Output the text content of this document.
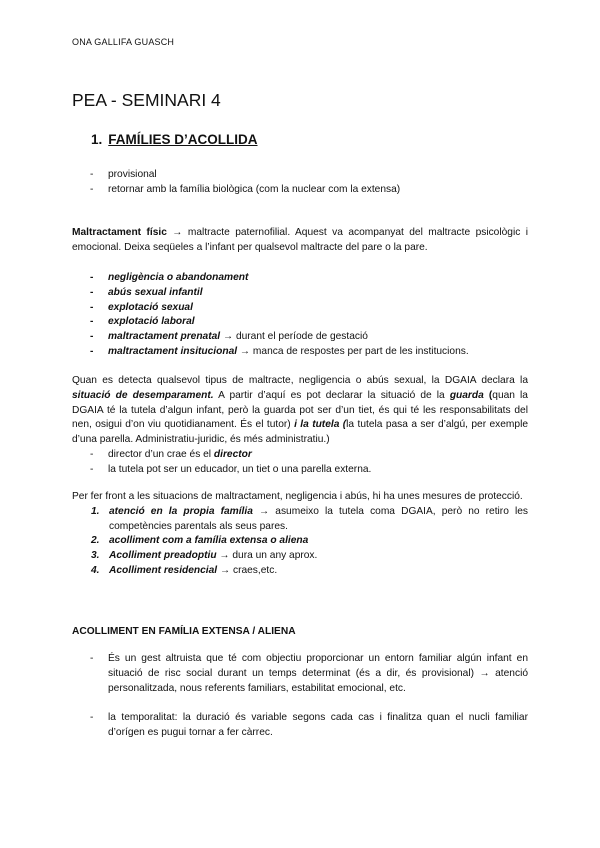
ONA GALLIFA GUASCH
PEA - SEMINARI 4
1. FAMÍLIES D’ACOLLIDA
- provisional
- retornar amb la família biològica (com la nuclear com la extensa)

Maltractament físic → maltracte paternofilial. Aquest va acompanyat del maltracte psicològic i emocional. Deixa seqüeles a l’infant per qualsevol maltracte del pare o la pare.

- negligència o abandonament
- abús sexual infantil
- explotació sexual
- explotació laboral
- maltractament prenatal → durant el període de gestació
- maltractament insitucional → manca de respostes per part de les institucions.

Quan es detecta qualsevol tipus de maltracte, negligencia o abús sexual, la DGAIA declara la situació de desemparament. A partir d’aquí es pot declarar la situació de la guarda (quan la DGAIA té la tutela d’algun infant, però la guarda pot ser d’un tiet, és qui té les responsabilitats del nen, osigui d’on viu quotidianament. És el tutor) i la tutela (la tutela pasa a ser d’algú, per exemple d’una parella. Administratiu-juridic, és més administratiu.)

- director d’un crae és el director
- la tutela pot ser un educador, un tiet o una parella externa.

Per fer front a les situacions de maltractament, negligencia i abús, hi ha unes mesures de protecció.

1. atenció en la propia família → asumeixo la tutela coma DGAIA, però no retiro les competències parentals als seus pares.
2. acolliment com a família extensa o aliena
3. Acolliment preadoptiu → dura un any aprox.
4. Acolliment residencial → craes,etc.
ACOLLIMENT EN FAMÍLIA EXTENSA / ALIENA
- És un gest altruista que té com objectiu proporcionar un entorn familiar algún infant en situació de risc social durant un temps determinat (és a dir, és provisional) → atenció personalitzada, nous referents familiars, estabilitat emocional, etc.
- la temporalitat: la duració és variable segons cada cas i finalitza quan el nucli familiar d’orígen es pugui tornar a fer càrrec.
